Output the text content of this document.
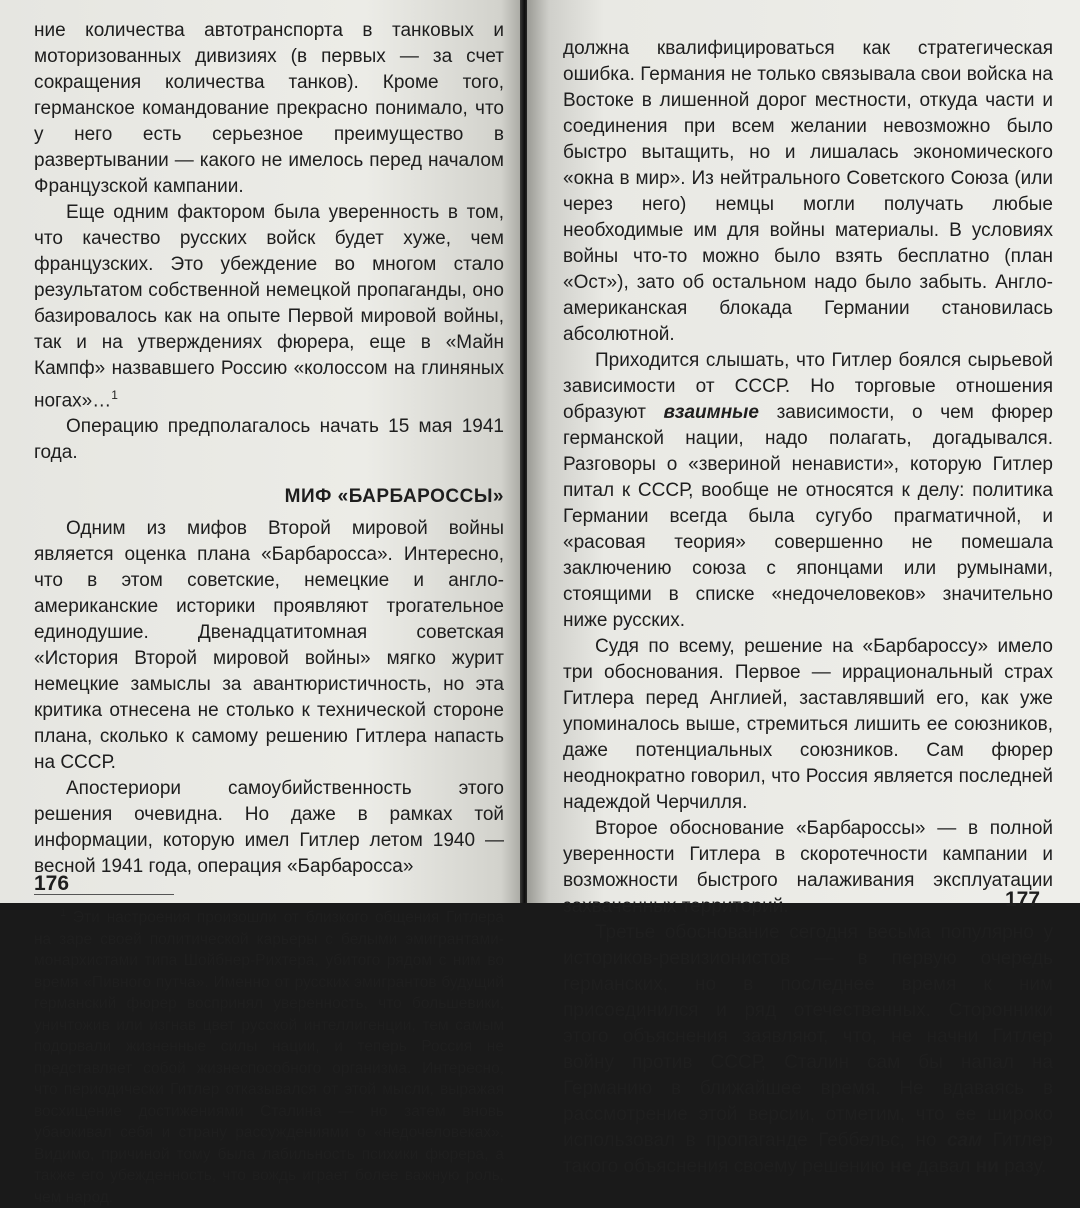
ние количества автотранспорта в танковых и моторизованных дивизиях (в первых — за счет сокращения количества танков). Кроме того, германское командование прекрасно понимало, что у него есть серьезное преимущество в развертывании — какого не имелось перед началом Французской кампании.

Еще одним фактором была уверенность в том, что качество русских войск будет хуже, чем французских. Это убеждение во многом стало результатом собственной немецкой пропаганды, оно базировалось как на опыте Первой мировой войны, так и на утверждениях фюрера, еще в «Майн Кампф» назвавшего Россию «колоссом на глиняных ногах»…$^1$

Операцию предполагалось начать 15 мая 1941 года.

МИФ «БАРБАРОССЫ»

Одним из мифов Второй мировой войны является оценка плана «Барбаросса». Интересно, что в этом советские, немецкие и англо-американские историки проявляют трогательное единодушие. Двенадцатитомная советская «История Второй мировой войны» мягко журит немецкие замыслы за авантюристичность, но эта критика отнесена не столько к технической стороне плана, сколько к самому решению Гитлера напасть на СССР.

Апостериори самоубийственность этого решения очевидна. Но даже в рамках той информации, которую имел Гитлер летом 1940 — весной 1941 года, операция «Барбаросса»

$^1$ Эти настроения произошли от близкого общения Гитлера на заре своей политической карьеры с белыми эмигрантами-монархистами типа Шойбнер-Рихтера, убитого рядом с ним во время «Пивного путча». Именно от русских эмигрантов будущий германский фюрер воспринял уверенность, что большевики, уничтожив или изгнав цвет русской интеллигенции, тем самым подорвали жизненные силы нации, и теперь Россия не представляет собой жизнеспособного организма. Интересно, что периодически Гитлер отказывался от этой мысли, выражая восхищение достижениями Сталина — но затем вновь убаюкивал себя и страну рассуждениями о «недочеловеках». Видимо, причиной тому была лабильность психики фюрера, а также его убежденность, что вождь играет более важную роль, чем народ.

176

должна квалифицироваться как стратегическая ошибка. Германия не только связывала свои войска на Востоке в лишенной дорог местности, откуда части и соединения при всем желании невозможно было быстро вытащить, но и лишалась экономического «окна в мир». Из нейтрального Советского Союза (или через него) немцы могли получать любые необходимые им для войны материалы. В условиях войны что-то можно было взять бесплатно (план «Ост»), зато об остальном надо было забыть. Англо-американская блокада Германии становилась абсолютной.

Приходится слышать, что Гитлер боялся сырьевой зависимости от СССР. Но торговые отношения образуют взаимные зависимости, о чем фюрер германской нации, надо полагать, догадывался. Разговоры о «звериной ненависти», которую Гитлер питал к СССР, вообще не относятся к делу: политика Германии всегда была сугубо прагматичной, и «расовая теория» совершенно не помешала заключению союза с японцами или румынами, стоящими в списке «недочеловеков» значительно ниже русских.

Судя по всему, решение на «Барбароссу» имело три обоснования. Первое — иррациональный страх Гитлера перед Англией, заставлявший его, как уже упоминалось выше, стремиться лишить ее союзников, даже потенциальных союзников. Сам фюрер неоднократно говорил, что Россия является последней надеждой Черчилля.

Второе обоснование «Барбароссы» — в полной уверенности Гитлера в скоротечности кампании и возможности быстрого налаживания эксплуатации захваченных территорий.

Третье обоснование сегодня весьма популярно у историков-ревизионистов — в первую очередь германских, но в последнее время к ним присоединился и ряд отечественных. Сторонники этого объяснения заявляют, что, не начни Гитлер войну против СССР, Сталин сам бы напал на Германию в ближайшее время. Не вдаваясь в рассмотрение этой версии, отметим, что ее широко использовал в пропаганде Геббельс, но сам Гитлер такого объяснения своему решению не давал ни разу.

177
